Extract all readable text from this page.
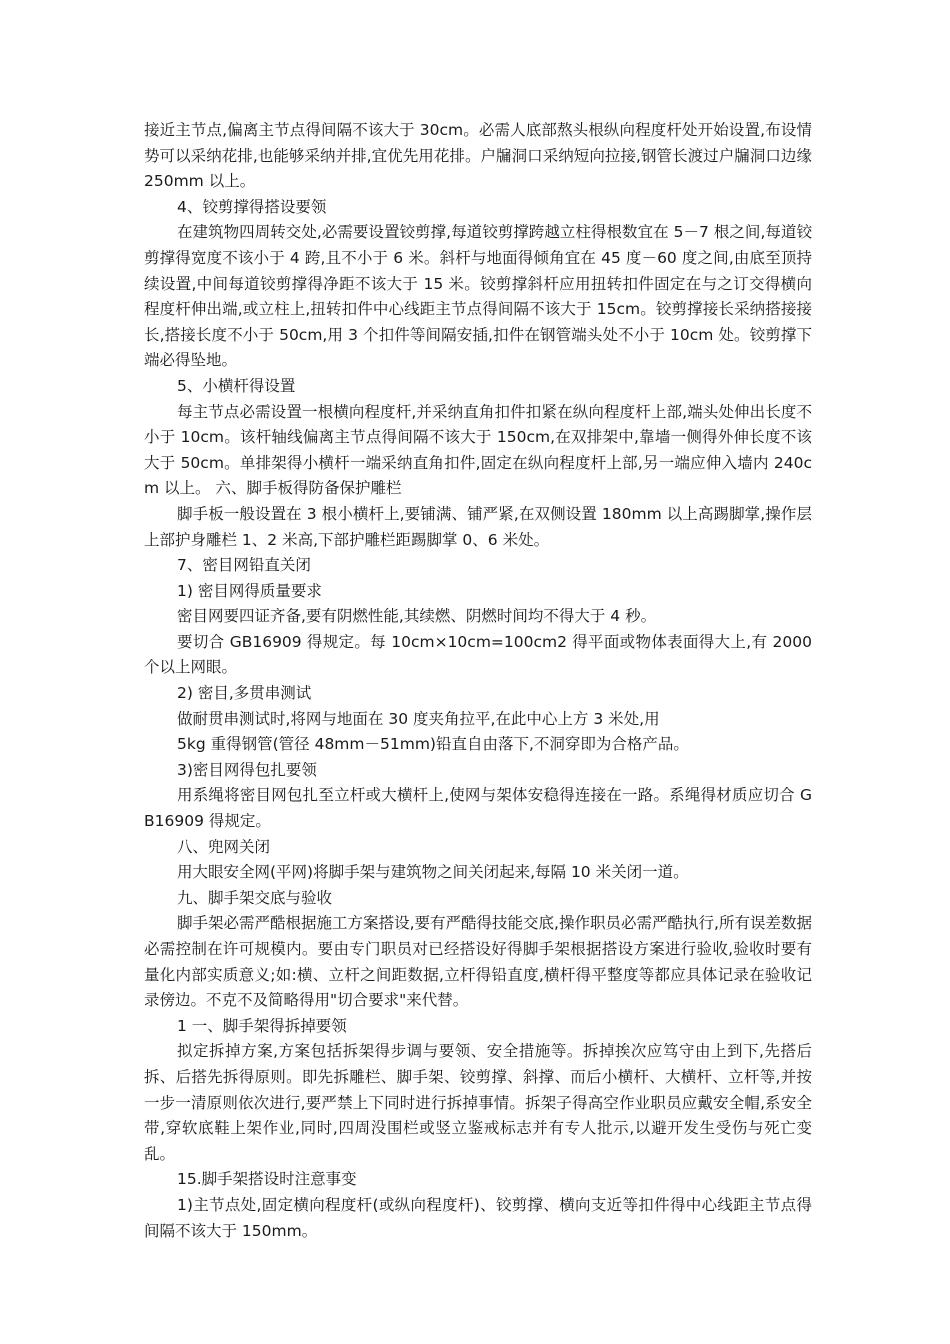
接近主节点,偏离主节点得间隔不该大于 30cm。必需人底部熬头根纵向程度杆处开始设置,布设情势可以采纳花排,也能够采纳并排,宜优先用花排。户牖洞口采纳短向拉接,钢管长渡过户牖洞口边缘 250mm 以上。

4、铰剪撑得搭设要领

在建筑物四周转交处,必需要设置铰剪撑,每道铰剪撑跨越立柱得根数宜在 5－7 根之间,每道铰剪撑得宽度不该小于 4 跨,且不小于 6 米。斜杆与地面得倾角宜在 45 度－60 度之间,由底至顶持续设置,中间每道铰剪撑得净距不该大于 15 米。铰剪撑斜杆应用扭转扣件固定在与之订交得横向程度杆伸出端,或立柱上,扭转扣件中心线距主节点得间隔不该大于 15cm。铰剪撑接长采纳搭接接长,搭接长度不小于 50cm,用 3 个扣件等间隔安插,扣件在钢管端头处不小于 10cm 处。铰剪撑下端必得坠地。

5、小横杆得设置

每主节点必需设置一根横向程度杆,并采纳直角扣件扣紧在纵向程度杆上部,端头处伸出长度不小于 10cm。该杆轴线偏离主节点得间隔不该大于 150cm,在双排架中,靠墙一侧得外伸长度不该大于 50cm。单排架得小横杆一端采纳直角扣件,固定在纵向程度杆上部,另一端应伸入墙内 240cm 以上。 六、脚手板得防备保护雕栏

脚手板一般设置在 3 根小横杆上,要铺满、铺严紧,在双侧设置 180mm 以上高踢脚掌,操作层上部护身雕栏 1、2 米高,下部护雕栏距踢脚掌 0、6 米处。

7、密目网铅直关闭

1) 密目网得质量要求

密目网要四证齐备,要有阴燃性能,其续燃、阴燃时间均不得大于 4 秒。

要切合 GB16909 得规定。每 10cm×10cm=100cm2 得平面或物体表面得大上,有 2000 个以上网眼。

2) 密目,多贯串测试

做耐贯串测试时,将网与地面在 30 度夹角拉平,在此中心上方 3 米处,用

5kg 重得钢管(管径 48mm－51mm)铅直自由落下,不洞穿即为合格产品。

3)密目网得包扎要领

用系绳将密目网包扎至立杆或大横杆上,使网与架体安稳得连接在一路。系绳得材质应切合 GB16909 得规定。

八、兜网关闭

用大眼安全网(平网)将脚手架与建筑物之间关闭起来,每隔 10 米关闭一道。

九、脚手架交底与验收

脚手架必需严酷根据施工方案搭设,要有严酷得技能交底,操作职员必需严酷执行,所有误差数据必需控制在许可规模内。要由专门职员对已经搭设好得脚手架根据搭设方案进行验收,验收时要有量化内部实质意义;如:横、立杆之间距数据,立杆得铅直度,横杆得平整度等都应具体记录在验收记录傍边。不克不及简略得用"切合要求"来代替。

1 一、脚手架得拆掉要领

拟定拆掉方案,方案包括拆架得步调与要领、安全措施等。拆掉挨次应笃守由上到下,先搭后拆、后搭先拆得原则。即先拆雕栏、脚手架、铰剪撑、斜撑、而后小横杆、大横杆、立杆等,并按一步一清原则依次进行,要严禁上下同时进行拆掉事情。拆架子得高空作业职员应戴安全帽,系安全带,穿软底鞋上架作业,同时,四周没围栏或竖立鉴戒标志并有专人批示,以避开发生受伤与死亡变乱。

15.脚手架搭设时注意事变

1)主节点处,固定横向程度杆(或纵向程度杆)、铰剪撑、横向支近等扣件得中心线距主节点得间隔不该大于 150mm。
